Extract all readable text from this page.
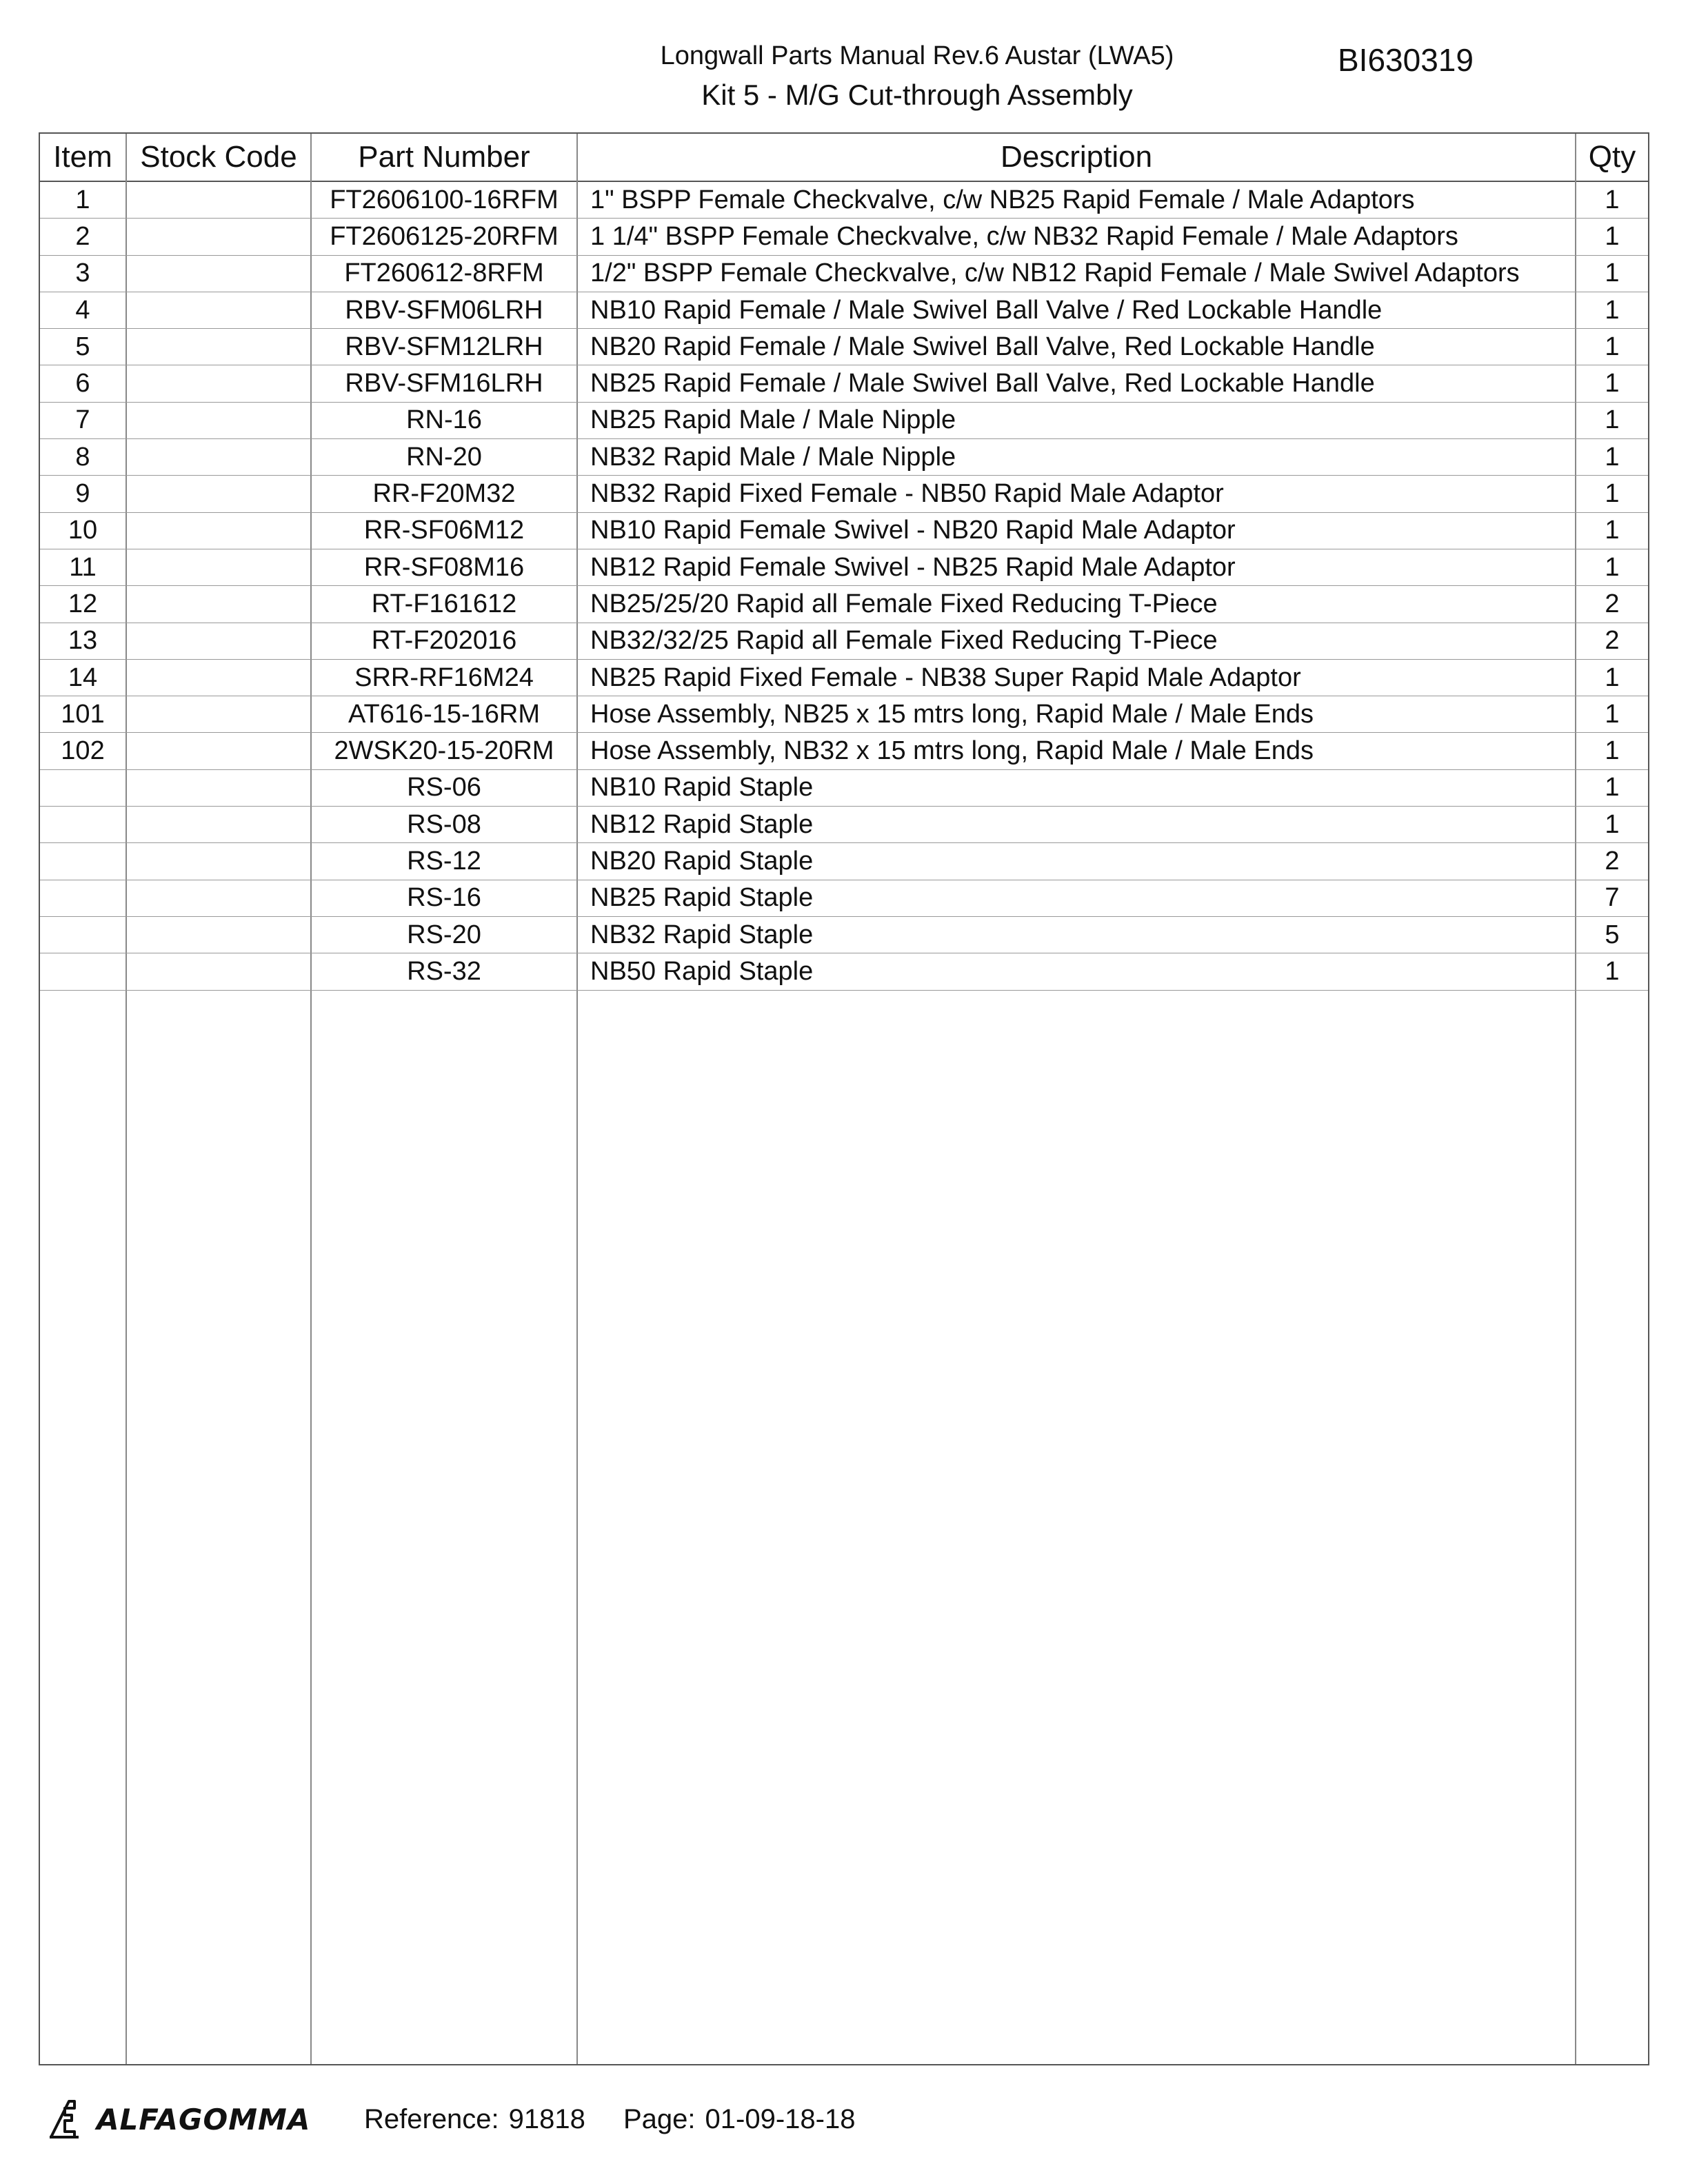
Longwall Parts Manual Rev.6 Austar (LWA5)
Kit 5 - M/G Cut-through Assembly
BI630319
Item Stock Code	Part Number	Description	Qty
1	FT2606100-16RFM	1" BSPP Female Checkvalve, c/w NB25 Rapid Female / Male Adaptors	1
2	FT2606125-20RFM	1 1/4" BSPP Female Checkvalve, c/w NB32 Rapid Female / Male Adaptors	1
3	FT260612-8RFM	1/2" BSPP Female Checkvalve, c/w NB12 Rapid Female / Male Swivel Adaptors	1
4	RBV-SFM06LRH	NB10 Rapid Female / Male Swivel Ball Valve / Red Lockable Handle	1
5	RBV-SFM12LRH	NB20 Rapid Female / Male Swivel Ball Valve, Red Lockable Handle	1
6	RBV-SFM16LRH	NB25 Rapid Female / Male Swivel Ball Valve, Red Lockable Handle	1
7	RN-16	NB25 Rapid Male / Male Nipple	1
8	RN-20	NB32 Rapid Male / Male Nipple	1
9	RR-F20M32	NB32 Rapid Fixed Female - NB50 Rapid Male Adaptor	1
10	RR-SF06M12	NB10 Rapid Female Swivel - NB20 Rapid Male Adaptor	1
11	RR-SF08M16	NB12 Rapid Female Swivel - NB25 Rapid Male Adaptor	1
12	RT-F161612	NB25/25/20 Rapid all Female Fixed Reducing T-Piece	2
13	RT-F202016	NB32/32/25 Rapid all Female Fixed Reducing T-Piece	2
14	SRR-RF16M24	NB25 Rapid Fixed Female - NB38 Super Rapid Male Adaptor	1
101	AT616-15-16RM	Hose Assembly, NB25 x 15 mtrs long, Rapid Male / Male Ends	1
102	2WSK20-15-20RM	Hose Assembly, NB32 x 15 mtrs long, Rapid Male / Male Ends	1
RS-06	NB10 Rapid Staple	1
RS-08	NB12 Rapid Staple	1
RS-12	NB20 Rapid Staple	2
RS-16	NB25 Rapid Staple	7
RS-20	NB32 Rapid Staple	5
RS-32	NB50 Rapid Staple	1
ALFAGOMMA Reference: 91818 Page: 01-09-18-18
